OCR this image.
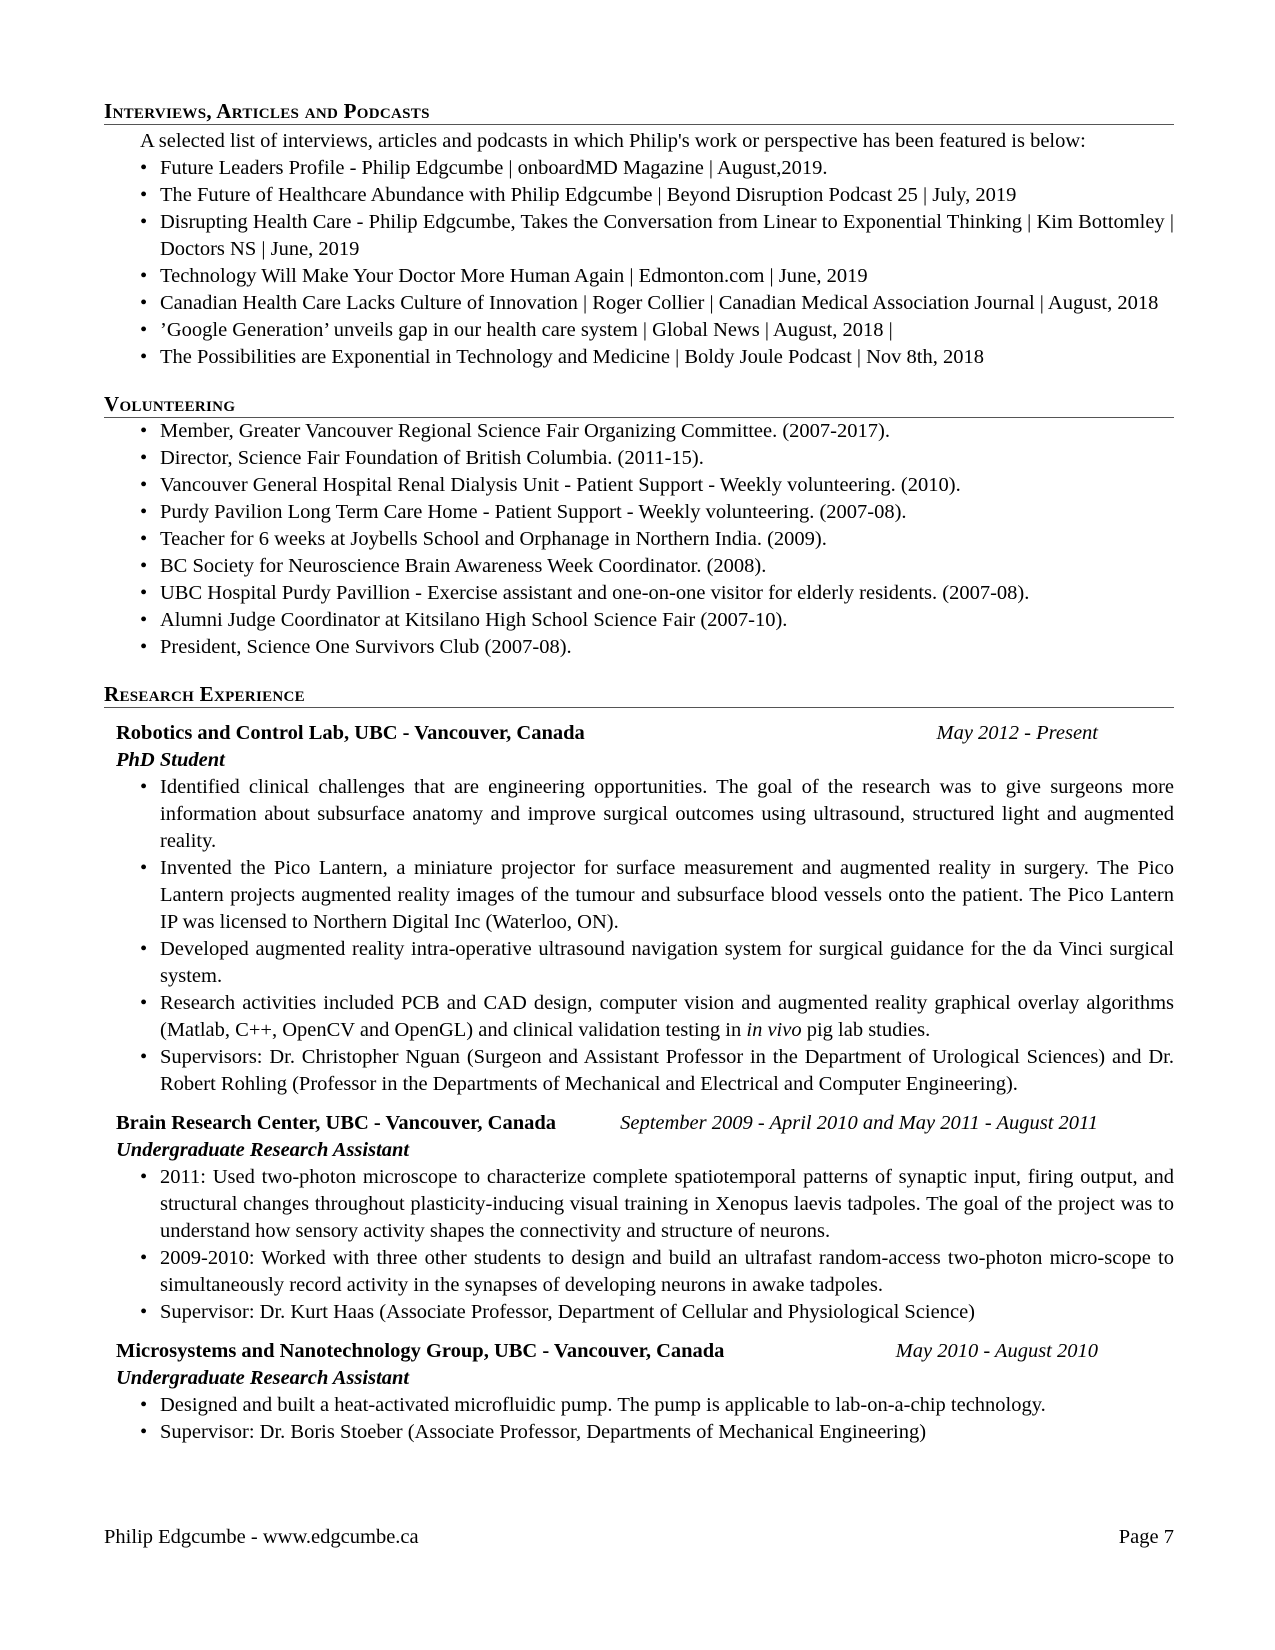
Interviews, Articles and Podcasts

A selected list of interviews, articles and podcasts in which Philip's work or perspective has been featured is below:

• Future Leaders Profile - Philip Edgcumbe | onboardMD Magazine | August,2019.
• The Future of Healthcare Abundance with Philip Edgcumbe | Beyond Disruption Podcast 25 | July, 2019
• Disrupting Health Care - Philip Edgcumbe, Takes the Conversation from Linear to Exponential Thinking | Kim Bottomley | Doctors NS | June, 2019
• Technology Will Make Your Doctor More Human Again | Edmonton.com | June, 2019
• Canadian Health Care Lacks Culture of Innovation | Roger Collier | Canadian Medical Association Journal | August, 2018
• ’Google Generation’ unveils gap in our health care system | Global News | August, 2018 |
• The Possibilities are Exponential in Technology and Medicine | Boldy Joule Podcast | Nov 8th, 2018
Volunteering
• Member, Greater Vancouver Regional Science Fair Organizing Committee. (2007-2017).
• Director, Science Fair Foundation of British Columbia. (2011-15).
• Vancouver General Hospital Renal Dialysis Unit - Patient Support - Weekly volunteering. (2010).
• Purdy Pavilion Long Term Care Home - Patient Support - Weekly volunteering. (2007-08).
• Teacher for 6 weeks at Joybells School and Orphanage in Northern India. (2009).
• BC Society for Neuroscience Brain Awareness Week Coordinator. (2008).
• UBC Hospital Purdy Pavillion - Exercise assistant and one-on-one visitor for elderly residents. (2007-08).
• Alumni Judge Coordinator at Kitsilano High School Science Fair (2007-10).
• President, Science One Survivors Club (2007-08).
Research Experience
Robotics and Control Lab, UBC - Vancouver, Canada	May 2012 - Present
PhD Student
• Identified clinical challenges that are engineering opportunities. The goal of the research was to give surgeons more information about subsurface anatomy and improve surgical outcomes using ultrasound, structured light and augmented reality.
• Invented the Pico Lantern, a miniature projector for surface measurement and augmented reality in surgery. The Pico Lantern projects augmented reality images of the tumour and subsurface blood vessels onto the patient. The Pico Lantern IP was licensed to Northern Digital Inc (Waterloo, ON).
• Developed augmented reality intra-operative ultrasound navigation system for surgical guidance for the da Vinci surgical system.
• Research activities included PCB and CAD design, computer vision and augmented reality graphical overlay algorithms (Matlab, C++, OpenCV and OpenGL) and clinical validation testing in in vivo pig lab studies.
• Supervisors: Dr. Christopher Nguan (Surgeon and Assistant Professor in the Department of Urological Sciences) and Dr. Robert Rohling (Professor in the Departments of Mechanical and Electrical and Computer Engineering).
Brain Research Center, UBC - Vancouver, Canada	September 2009 - April 2010 and May 2011 - August 2011
Undergraduate Research Assistant
• 2011: Used two-photon microscope to characterize complete spatiotemporal patterns of synaptic input, firing output, and structural changes throughout plasticity-inducing visual training in Xenopus laevis tadpoles. The goal of the project was to understand how sensory activity shapes the connectivity and structure of neurons.
• 2009-2010: Worked with three other students to design and build an ultrafast random-access two-photon micro-scope to simultaneously record activity in the synapses of developing neurons in awake tadpoles.
• Supervisor: Dr. Kurt Haas (Associate Professor, Department of Cellular and Physiological Science)
Microsystems and Nanotechnology Group, UBC - Vancouver, Canada	May 2010 - August 2010
Undergraduate Research Assistant
• Designed and built a heat-activated microfluidic pump. The pump is applicable to lab-on-a-chip technology.
• Supervisor: Dr. Boris Stoeber (Associate Professor, Departments of Mechanical Engineering)
Philip Edgcumbe - www.edgcumbe.ca	Page 7
